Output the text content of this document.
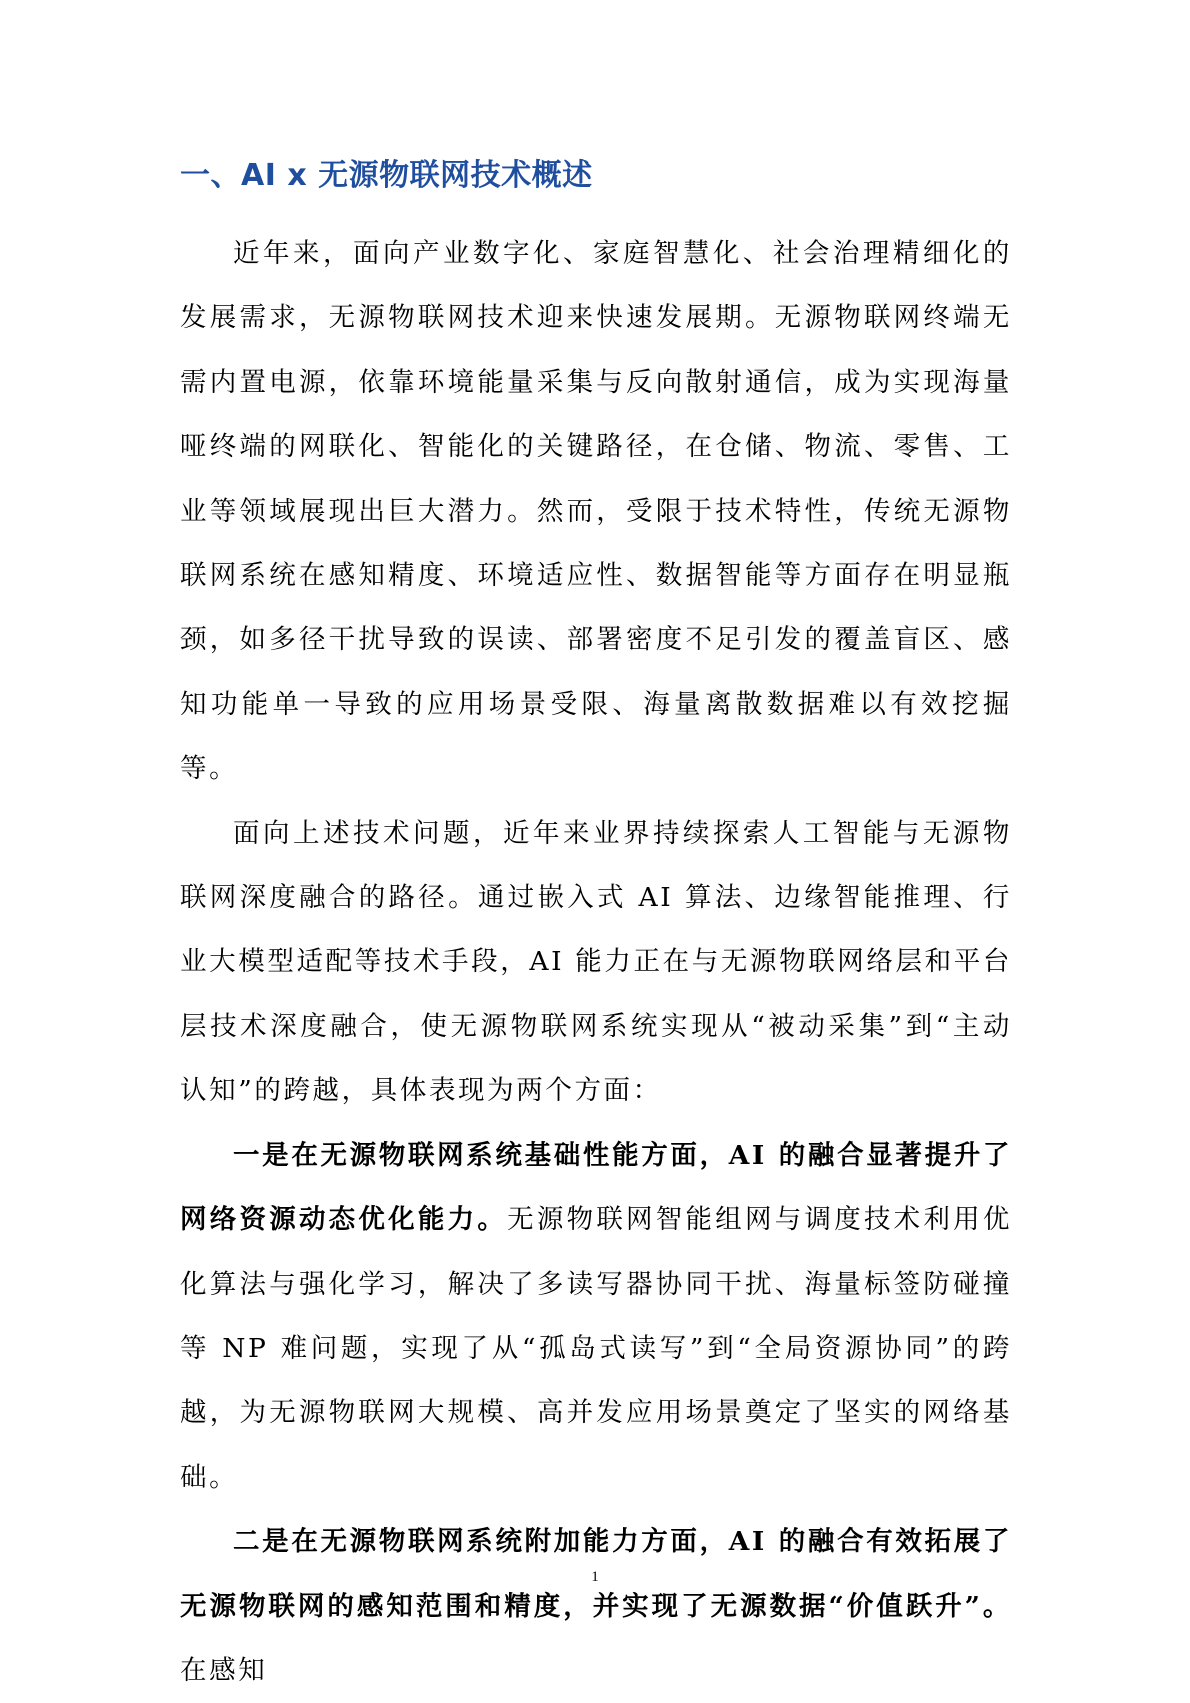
一、AI x 无源物联网技术概述

近年来，面向产业数字化、家庭智慧化、社会治理精细化的发展需求，无源物联网技术迎来快速发展期。无源物联网终端无需内置电源，依靠环境能量采集与反向散射通信，成为实现海量哑终端的网联化、智能化的关键路径，在仓储、物流、零售、工业等领域展现出巨大潜力。然而，受限于技术特性，传统无源物联网系统在感知精度、环境适应性、数据智能等方面存在明显瓶颈，如多径干扰导致的误读、部署密度不足引发的覆盖盲区、感知功能单一导致的应用场景受限、海量离散数据难以有效挖掘等。

面向上述技术问题，近年来业界持续探索人工智能与无源物联网深度融合的路径。通过嵌入式 AI 算法、边缘智能推理、行业大模型适配等技术手段，AI 能力正在与无源物联网络层和平台层技术深度融合，使无源物联网系统实现从“被动采集”到“主动认知”的跨越，具体表现为两个方面：

一是在无源物联网系统基础性能方面，AI 的融合显著提升了网络资源动态优化能力。无源物联网智能组网与调度技术利用优化算法与强化学习，解决了多读写器协同干扰、海量标签防碰撞等 NP 难问题，实现了从“孤岛式读写”到“全局资源协同”的跨越，为无源物联网大规模、高并发应用场景奠定了坚实的网络基础。

二是在无源物联网系统附加能力方面，AI 的融合有效拓展了无源物联网的感知范围和精度，并实现了无源数据“价值跃升”。在感知

1
